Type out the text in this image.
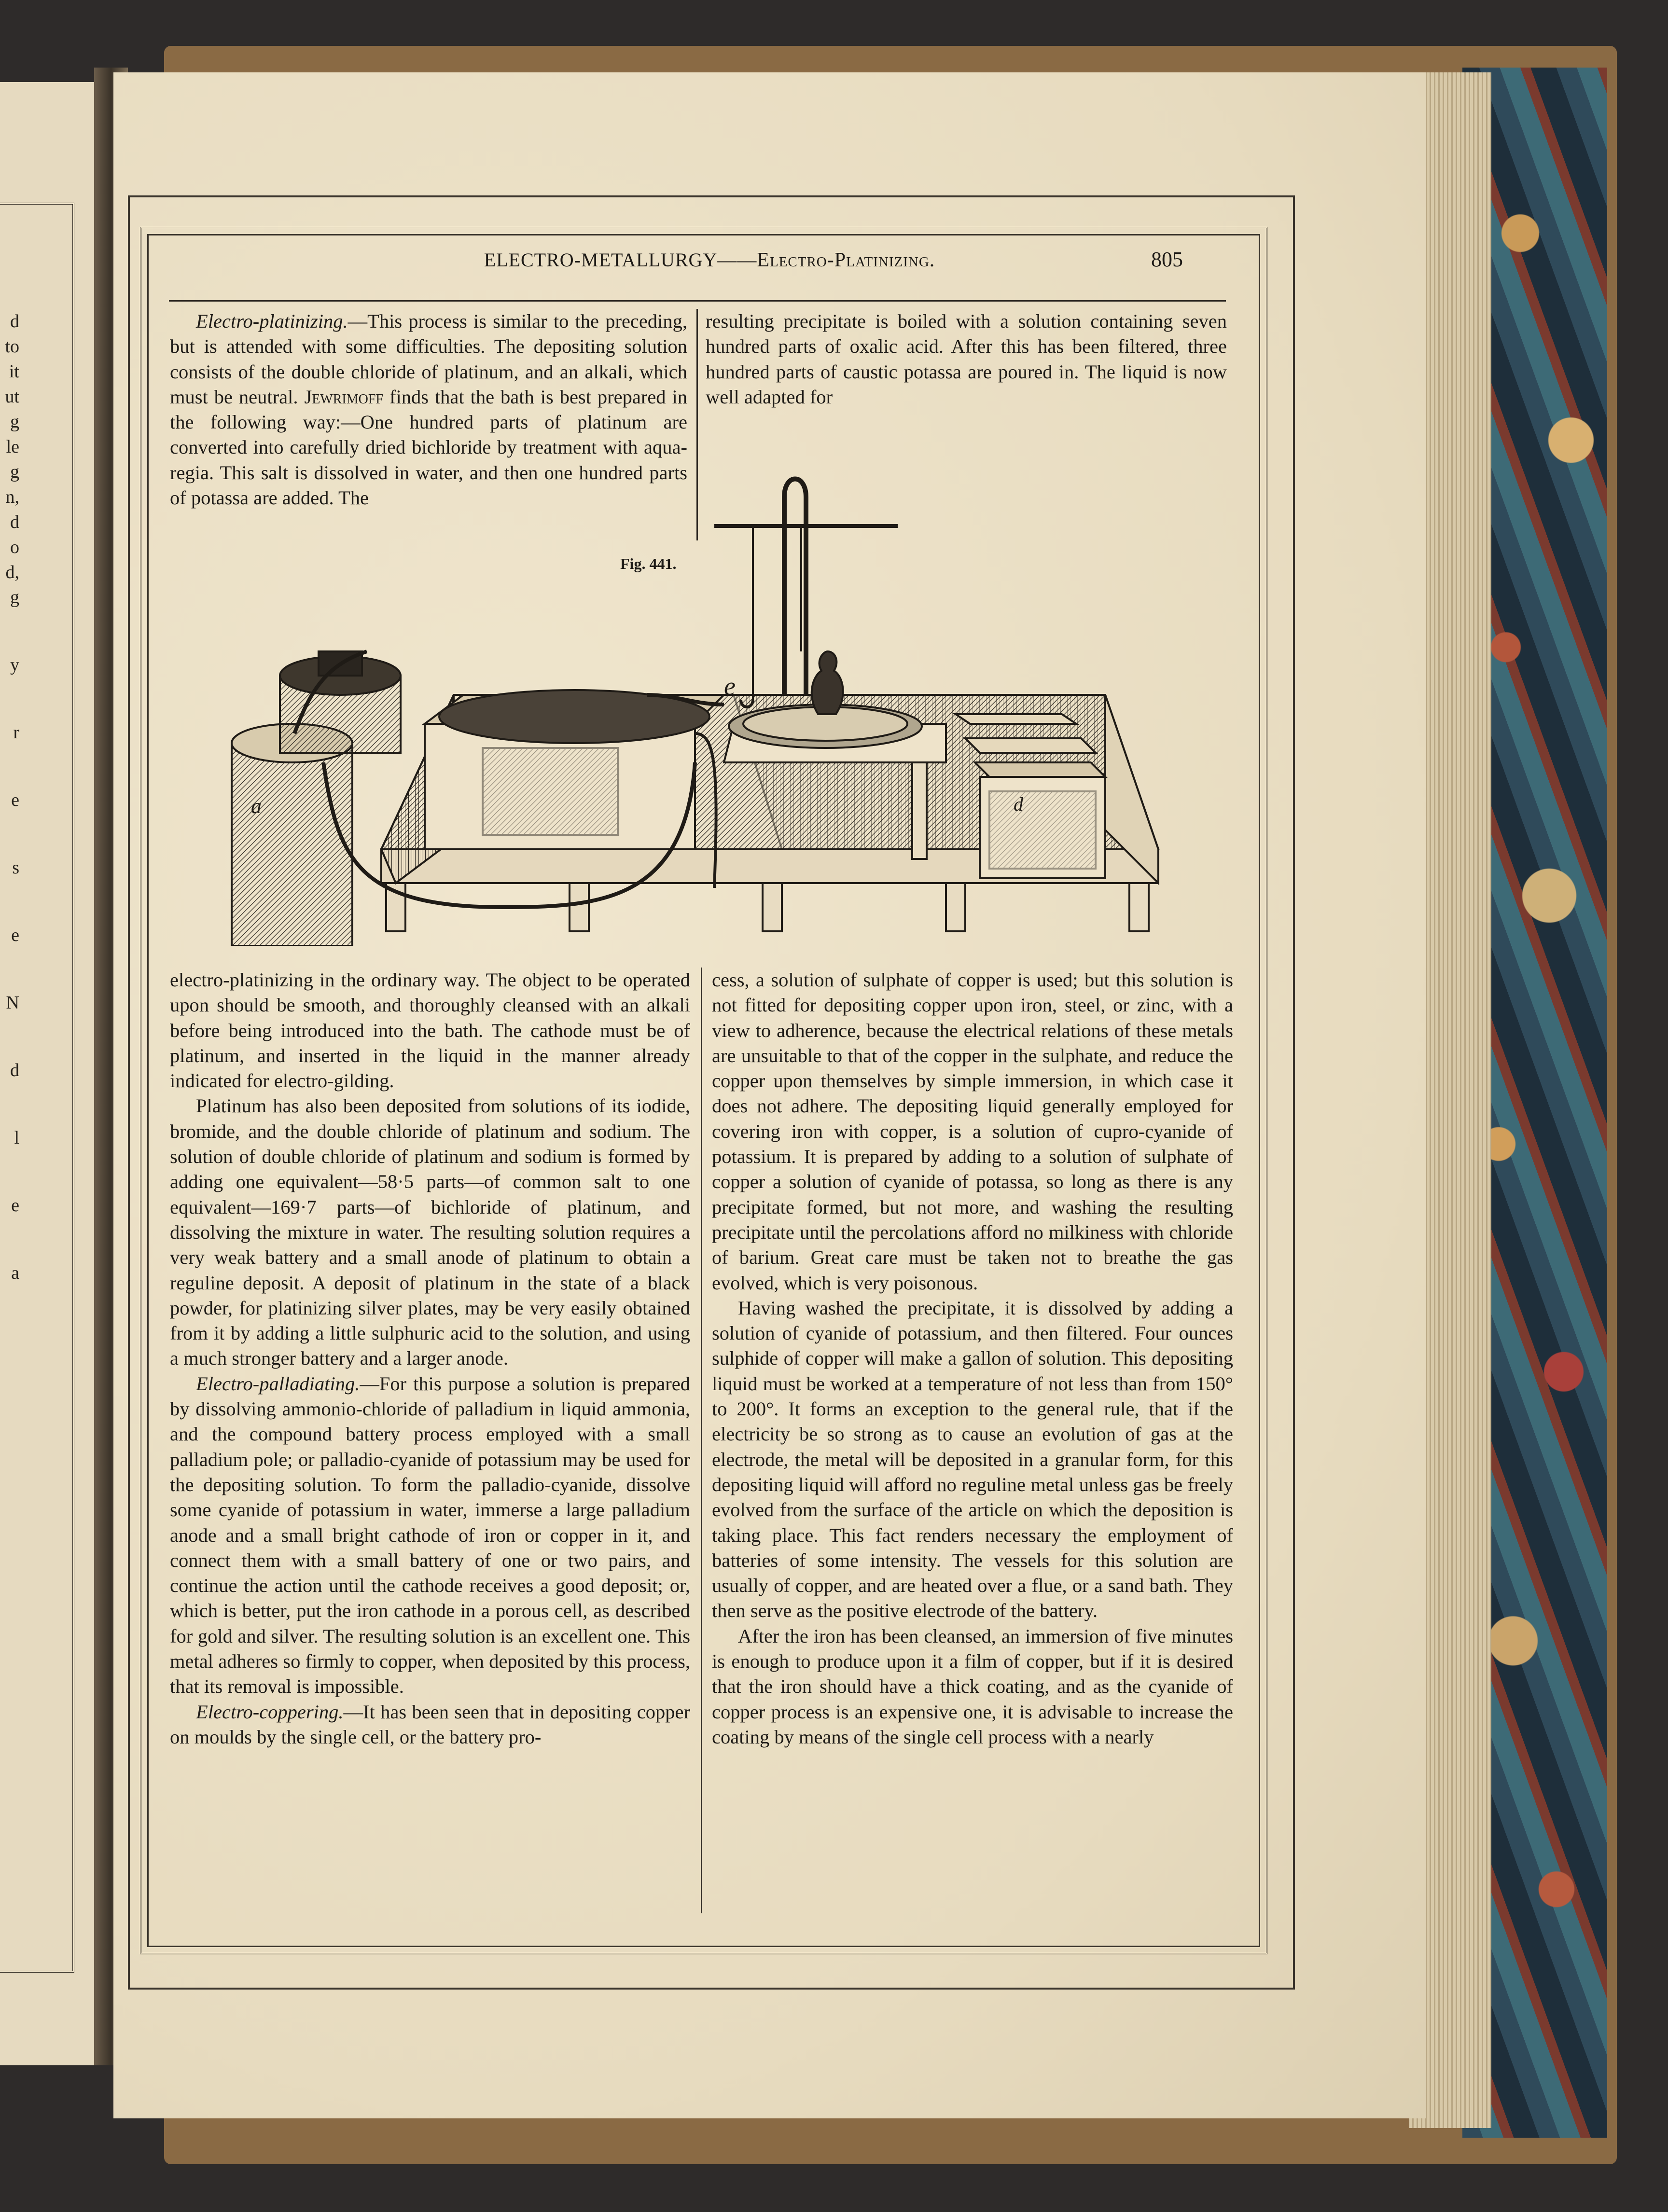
d
to
it
ut
g
le
g
n,
d
o
d,
g
y
r
e
s
e
N
d
l
e
a
ELECTRO-METALLURGY——Electro-Platinizing.	805

Electro-platinizing.—This process is similar to the preceding, but is attended with some difficulties. The depositing solution consists of the double chloride of platinum, and an alkali, which must be neutral. Jewrimoff finds that the bath is best prepared in the following way:—One hundred parts of platinum are converted into carefully dried bichloride by treatment with aqua-regia. This salt is dissolved in water, and then one hundred parts of potassa are added. The

resulting precipitate is boiled with a solution containing seven hundred parts of oxalic acid. After this has been filtered, three hundred parts of caustic potassa are poured in. The liquid is now well adapted for

Fig. 441.
a
e
d

electro-platinizing in the ordinary way. The object to be operated upon should be smooth, and thoroughly cleansed with an alkali before being introduced into the bath. The cathode must be of platinum, and inserted in the liquid in the manner already indicated for electro-gilding.

Platinum has also been deposited from solutions of its iodide, bromide, and the double chloride of platinum and sodium. The solution of double chloride of platinum and sodium is formed by adding one equivalent—58·5 parts—of common salt to one equivalent—169·7 parts—of bichloride of platinum, and dissolving the mixture in water. The resulting solution requires a very weak battery and a small anode of platinum to obtain a reguline deposit. A deposit of platinum in the state of a black powder, for platinizing silver plates, may be very easily obtained from it by adding a little sulphuric acid to the solution, and using a much stronger battery and a larger anode.

Electro-palladiating.—For this purpose a solution is prepared by dissolving ammonio-chloride of palladium in liquid ammonia, and the compound battery process employed with a small palladium pole; or palladio-cyanide of potassium may be used for the depositing solution. To form the palladio-cyanide, dissolve some cyanide of potassium in water, immerse a large palladium anode and a small bright cathode of iron or copper in it, and connect them with a small battery of one or two pairs, and continue the action until the cathode receives a good deposit; or, which is better, put the iron cathode in a porous cell, as described for gold and silver. The resulting solution is an excellent one. This metal adheres so firmly to copper, when deposited by this process, that its removal is impossible.

Electro-coppering.—It has been seen that in depositing copper on moulds by the single cell, or the battery pro-

cess, a solution of sulphate of copper is used; but this solution is not fitted for depositing copper upon iron, steel, or zinc, with a view to adherence, because the electrical relations of these metals are unsuitable to that of the copper in the sulphate, and reduce the copper upon themselves by simple immersion, in which case it does not adhere. The depositing liquid generally employed for covering iron with copper, is a solution of cupro-cyanide of potassium. It is prepared by adding to a solution of sulphate of copper a solution of cyanide of potassa, so long as there is any precipitate formed, but not more, and washing the resulting precipitate until the percolations afford no milkiness with chloride of barium. Great care must be taken not to breathe the gas evolved, which is very poisonous.

Having washed the precipitate, it is dissolved by adding a solution of cyanide of potassium, and then filtered. Four ounces sulphide of copper will make a gallon of solution. This depositing liquid must be worked at a temperature of not less than from 150° to 200°. It forms an exception to the general rule, that if the electricity be so strong as to cause an evolution of gas at the electrode, the metal will be deposited in a granular form, for this depositing liquid will afford no reguline metal unless gas be freely evolved from the surface of the article on which the deposition is taking place. This fact renders necessary the employment of batteries of some intensity. The vessels for this solution are usually of copper, and are heated over a flue, or a sand bath. They then serve as the positive electrode of the battery.

After the iron has been cleansed, an immersion of five minutes is enough to produce upon it a film of copper, but if it is desired that the iron should have a thick coating, and as the cyanide of copper process is an expensive one, it is advisable to increase the coating by means of the single cell process with a nearly
